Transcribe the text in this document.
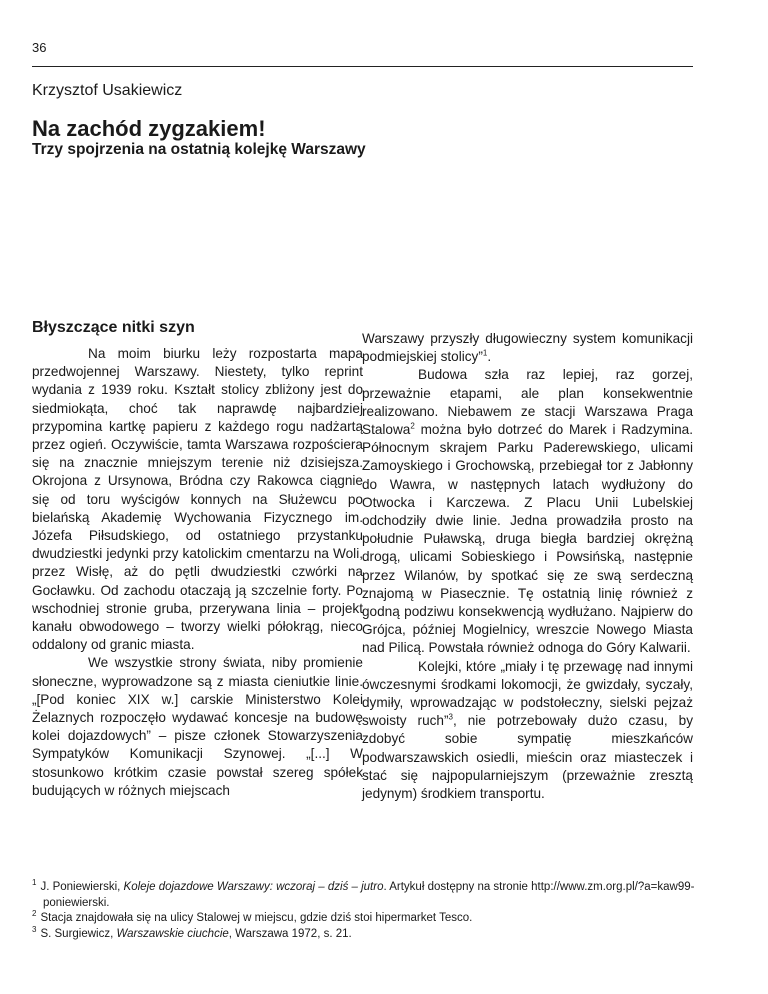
36
Krzysztof Usakiewicz
Na zachód zygzakiem!
Trzy spojrzenia na ostatnią kolejkę Warszawy
Błyszczące nitki szyn

Na moim biurku leży rozpostarta mapa przedwojennej Warszawy. Niestety, tylko reprint wydania z 1939 roku. Kształt stolicy zbliżony jest do siedmiokąta, choć tak naprawdę najbardziej przypomina kartkę papieru z każdego rogu nadżartą przez ogień. Oczywiście, tamta Warszawa rozpościera się na znacznie mniejszym terenie niż dzisiejsza. Okrojona z Ursynowa, Bródna czy Rakowca ciągnie się od toru wyścigów konnych na Służewcu po bielańską Akademię Wychowania Fizycznego im. Józefa Piłsudskiego, od ostatniego przystanku dwudziestki jedynki przy katolickim cmentarzu na Woli, przez Wisłę, aż do pętli dwudziestki czwórki na Gocławku. Od zachodu otaczają ją szczelnie forty. Po wschodniej stronie gruba, przerywana linia – projekt kanału obwodowego – tworzy wielki półokrąg, nieco oddalony od granic miasta.

We wszystkie strony świata, niby promienie słoneczne, wyprowadzone są z miasta cieniutkie linie. „[Pod koniec XIX w.] carskie Ministerstwo Kolei Żelaznych rozpoczęło wydawać koncesje na budowę kolei dojazdowych” – pisze członek Stowarzyszenia Sympatyków Komunikacji Szynowej. „[...] W stosunkowo krótkim czasie powstał szereg spółek budujących w różnych miejscach

Warszawy przyszły długowieczny system komunikacji podmiejskiej stolicy”$^1$.

Budowa szła raz lepiej, raz gorzej, przeważnie etapami, ale plan konsekwentnie realizowano. Niebawem ze stacji Warszawa Praga Stalowa$^2$ można było dotrzeć do Marek i Radzymina. Północnym skrajem Parku Paderewskiego, ulicami Zamoyskiego i Grochowską, przebiegał tor z Jabłonny do Wawra, w następnych latach wydłużony do Otwocka i Karczewa. Z Placu Unii Lubelskiej odchodziły dwie linie. Jedna prowadziła prosto na południe Puławską, druga biegła bardziej okrężną drogą, ulicami Sobieskiego i Powsińską, następnie przez Wilanów, by spotkać się ze swą serdeczną znajomą w Piasecznie. Tę ostatnią linię również z godną podziwu konsekwencją wydłużano. Najpierw do Grójca, później Mogielnicy, wreszcie Nowego Miasta nad Pilicą. Powstała również odnoga do Góry Kalwarii.

Kolejki, które „miały i tę przewagę nad innymi ówczesnymi środkami lokomocji, że gwizdały, syczały, dymiły, wprowadzając w podstołeczny, sielski pejzaż swoisty ruch”$^3$, nie potrzebowały dużo czasu, by zdobyć sobie sympatię mieszkańców podwarszawskich osiedli, mieścin oraz miasteczek i stać się najpopularniejszym (przeważnie zresztą jedynym) środkiem transportu.

$^1$ J. Poniewierski, Koleje dojazdowe Warszawy: wczoraj – dziś – jutro. Artykuł dostępny na stronie http://www.zm.org.pl/?a=kaw99-poniewierski.

$^2$ Stacja znajdowała się na ulicy Stalowej w miejscu, gdzie dziś stoi hipermarket Tesco.

$^3$ S. Surgiewicz, Warszawskie ciuchcie, Warszawa 1972, s. 21.
